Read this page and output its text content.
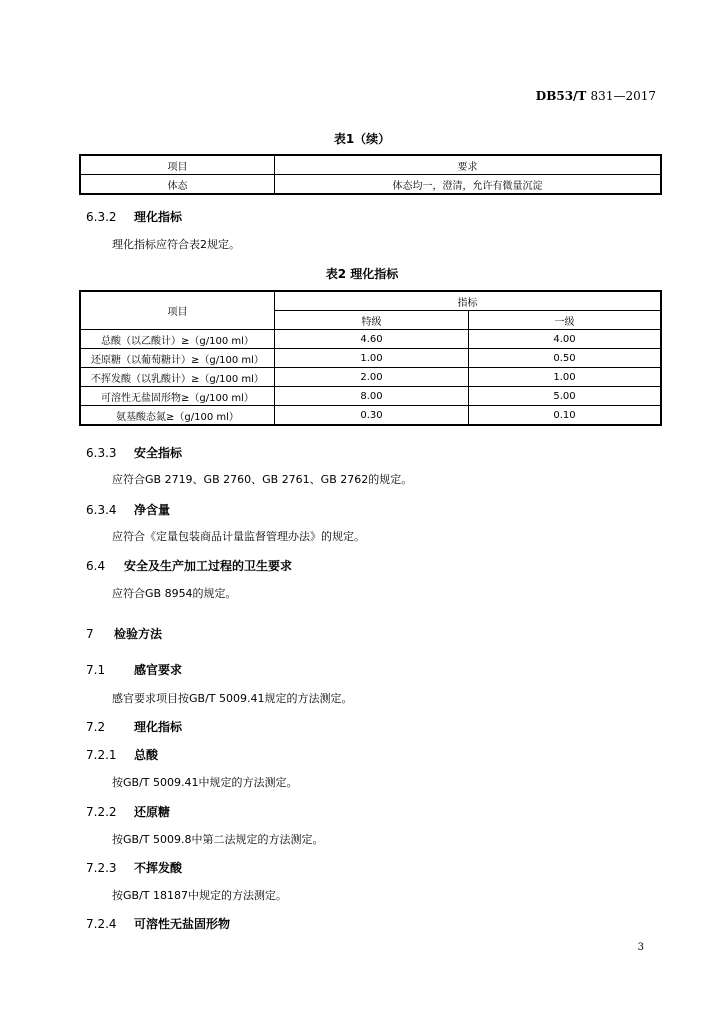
DB53/T 831—2017
表1（续）
项目	要求
体态	体态均一，澄清，允许有微量沉淀
6.3.2 理化指标
理化指标应符合表2规定。
表2 理化指标
项目	指标	
	特级	一级
总酸（以乙酸计）≥（g/100 ml）	4.60	4.00
还原糖（以葡萄糖计）≥（g/100 ml）	1.00	0.50
不挥发酸（以乳酸计）≥（g/100 ml）	2.00	1.00
可溶性无盐固形物≥（g/100 ml）	8.00	5.00
氨基酸态氮≥（g/100 ml）	0.30	0.10
6.3.3 安全指标
应符合GB 2719、GB 2760、GB 2761、GB 2762的规定。
6.3.4 净含量
应符合《定量包装商品计量监督管理办法》的规定。
6.4 安全及生产加工过程的卫生要求
应符合GB 8954的规定。
7 检验方法
7.1 感官要求
感官要求项目按GB/T 5009.41规定的方法测定。
7.2 理化指标
7.2.1 总酸
按GB/T 5009.41中规定的方法测定。
7.2.2 还原糖
按GB/T 5009.8中第二法规定的方法测定。
7.2.3 不挥发酸
按GB/T 18187中规定的方法测定。
7.2.4 可溶性无盐固形物
3
